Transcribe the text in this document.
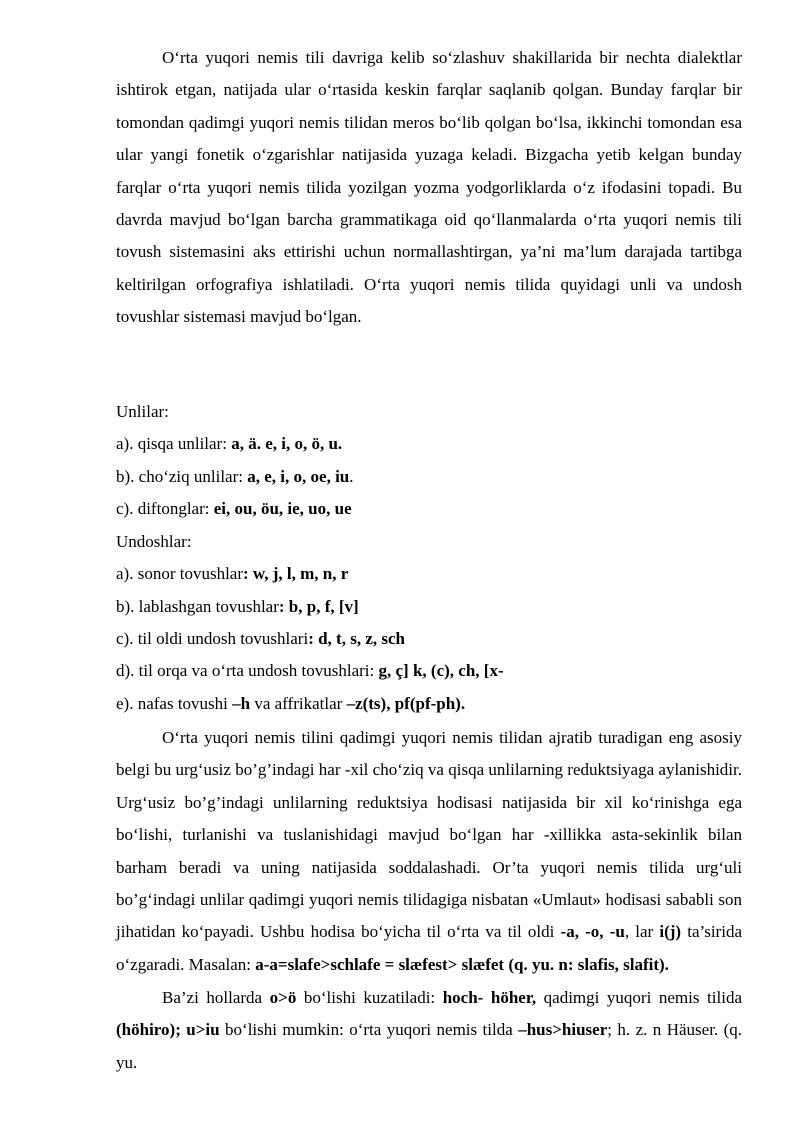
O‘rta yuqori nemis tili davriga kelib so‘zlashuv shakillarida bir nechta dialektlar ishtirok etgan, natijada ular o‘rtasida keskin farqlar saqlanib qolgan. Bunday farqlar bir tomondan qadimgi yuqori nemis tilidan meros bo‘lib qolgan bo‘lsa, ikkinchi tomondan esa ular yangi fonetik o‘zgarishlar natijasida yuzaga keladi. Bizgacha yetib kelgan bunday farqlar o‘rta yuqori nemis tilida yozilgan yozma yodgorliklarda o‘z ifodasini topadi. Bu davrda mavjud bo‘lgan barcha grammatikaga oid qo‘llanmalarda o‘rta yuqori nemis tili tovush sistemasini aks ettirishi uchun normallashtirgan, ya’ni ma’lum darajada tartibga keltirilgan orfografiya ishlatiladi. O‘rta yuqori nemis tilida quyidagi unli va undosh tovushlar sistemasi mavjud bo‘lgan.

Unlilar:

a). qisqa unlilar: a, ä. e, i, o, ö, u.

b). cho‘ziq unlilar: a, e, i, o, oe, iu.

c). diftonglar: ei, ou, öu, ie, uo, ue

Undoshlar:

a). sonor tovushlar: w, j, l, m, n, r

b). lablashgan tovushlar: b, p, f, [v]

c). til oldi undosh tovushlari: d, t, s, z, sch

d). til orqa va o‘rta undosh tovushlari: g, ç] k, (c), ch, [x-

e). nafas tovushi –h va affrikatlar –z(ts), pf(pf-ph).

O‘rta yuqori nemis tilini qadimgi yuqori nemis tilidan ajratib turadigan eng asosiy belgi bu urg‘usiz bo’g’indagi har -xil cho‘ziq va qisqa unlilarning reduktsiyaga aylanishidir. Urg‘usiz bo’g’indagi unlilarning reduktsiya hodisasi natijasida bir xil ko‘rinishga ega bo‘lishi, turlanishi va tuslanishidagi mavjud bo‘lgan har -xillikka asta-sekinlik bilan barham beradi va uning natijasida soddalashadi. Or’ta yuqori nemis tilida urg‘uli bo’g‘indagi unlilar qadimgi yuqori nemis tilidagiga nisbatan «Umlaut» hodisasi sababli son jihatidan ko‘payadi. Ushbu hodisa bo‘yicha til o‘rta va til oldi -a, -o, -u, lar i(j) ta’sirida o‘zgaradi. Masalan: a-a=slafe>schlafe = slæfest> slæfet (q. yu. n: slafis, slafit).

Ba’zi hollarda o>ö bo‘lishi kuzatiladi: hoch- höher, qadimgi yuqori nemis tilida (höhiro); u>iu bo‘lishi mumkin: o‘rta yuqori nemis tilda –hus>hiuser; h. z. n Häuser. (q. yu.
